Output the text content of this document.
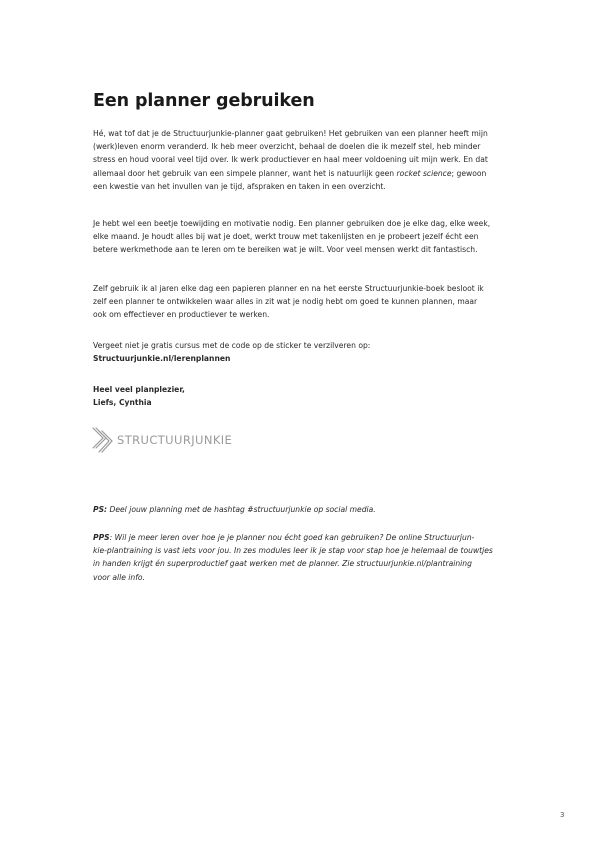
Een planner gebruiken
Hé, wat tof dat je de Structuurjunkie-planner gaat gebruiken! Het gebruiken van een planner heeft mijn
(werk)leven enorm veranderd. Ik heb meer overzicht, behaal de doelen die ik mezelf stel, heb minder
stress en houd vooral veel tijd over. Ik werk productiever en haal meer voldoening uit mijn werk. En dat
allemaal door het gebruik van een simpele planner, want het is natuurlijk geen rocket science; gewoon
een kwestie van het invullen van je tijd, afspraken en taken in een overzicht.
Je hebt wel een beetje toewijding en motivatie nodig. Een planner gebruiken doe je elke dag, elke week,
elke maand. Je houdt alles bij wat je doet, werkt trouw met takenlijsten en je probeert jezelf écht een
betere werkmethode aan te leren om te bereiken wat je wilt. Voor veel mensen werkt dit fantastisch.
Zelf gebruik ik al jaren elke dag een papieren planner en na het eerste Structuurjunkie-boek besloot ik
zelf een planner te ontwikkelen waar alles in zit wat je nodig hebt om goed te kunnen plannen, maar
ook om effectiever en productiever te werken.
Vergeet niet je gratis cursus met de code op de sticker te verzilveren op:
Structuurjunkie.nl/lerenplannen
Heel veel planplezier,
Liefs, Cynthia
STRUCTUURJUNKIE
PS: Deel jouw planning met de hashtag #structuurjunkie op social media.
PPS: Wil je meer leren over hoe je je planner nou écht goed kan gebruiken? De online Structuurjun-
kie-plantraining is vast iets voor jou. In zes modules leer ik je stap voor stap hoe je helemaal de touwtjes
in handen krijgt én superproductief gaat werken met de planner. Zie structuurjunkie.nl/plantraining
voor alle info.
3
